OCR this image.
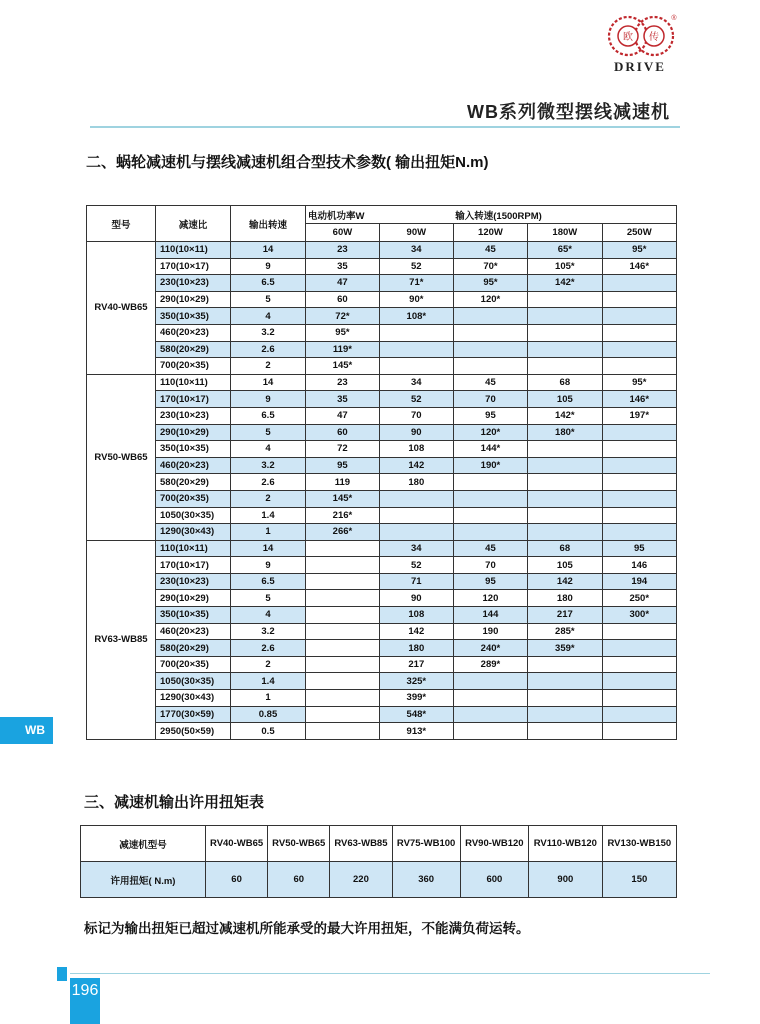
欧 传
®
DRIVE
WB系列微型摆线减速机
二、蜗轮减速机与摆线减速机组合型技术参数( 输出扭矩N.m)
型号	减速比	输出转速	电动机功率W		输入转速(1500RPM)		
			60W	90W	120W	180W	250W
RV40-WB65	110(10×11)	14	23	34	45	65*	95*
	170(10×17)	9	35	52	70*	105*	146*
	230(10×23)	6.5	47	71*	95*	142*	
	290(10×29)	5	60	90*	120*		
	350(10×35)	4	72*	108*			
	460(20×23)	3.2	95*				
	580(20×29)	2.6	119*				
	700(20×35)	2	145*				
RV50-WB65	110(10×11)	14	23	34	45	68	95*
	170(10×17)	9	35	52	70	105	146*
	230(10×23)	6.5	47	70	95	142*	197*
	290(10×29)	5	60	90	120*	180*	
	350(10×35)	4	72	108	144*		
	460(20×23)	3.2	95	142	190*		
	580(20×29)	2.6	119	180			
	700(20×35)	2	145*				
	1050(30×35)	1.4	216*				
	1290(30×43)	1	266*				
RV63-WB85	110(10×11)	14		34	45	68	95
	170(10×17)	9		52	70	105	146
	230(10×23)	6.5		71	95	142	194
	290(10×29)	5		90	120	180	250*
	350(10×35)	4		108	144	217	300*
	460(20×23)	3.2		142	190	285*	
	580(20×29)	2.6		180	240*	359*	
	700(20×35)	2		217	289*		
	1050(30×35)	1.4		325*			
	1290(30×43)	1		399*			
	1770(30×59)	0.85		548*			
	2950(50×59)	0.5		913*			
三、减速机输出许用扭矩表
减速机型号	RV40-WB65	RV50-WB65	RV63-WB85	RV75-WB100	RV90-WB120	RV110-WB120	RV130-WB150
许用扭矩( N.m)	60	60	220	360	600	900	150
标记为输出扭矩已超过减速机所能承受的最大许用扭矩，不能满负荷运转。
WB
196
